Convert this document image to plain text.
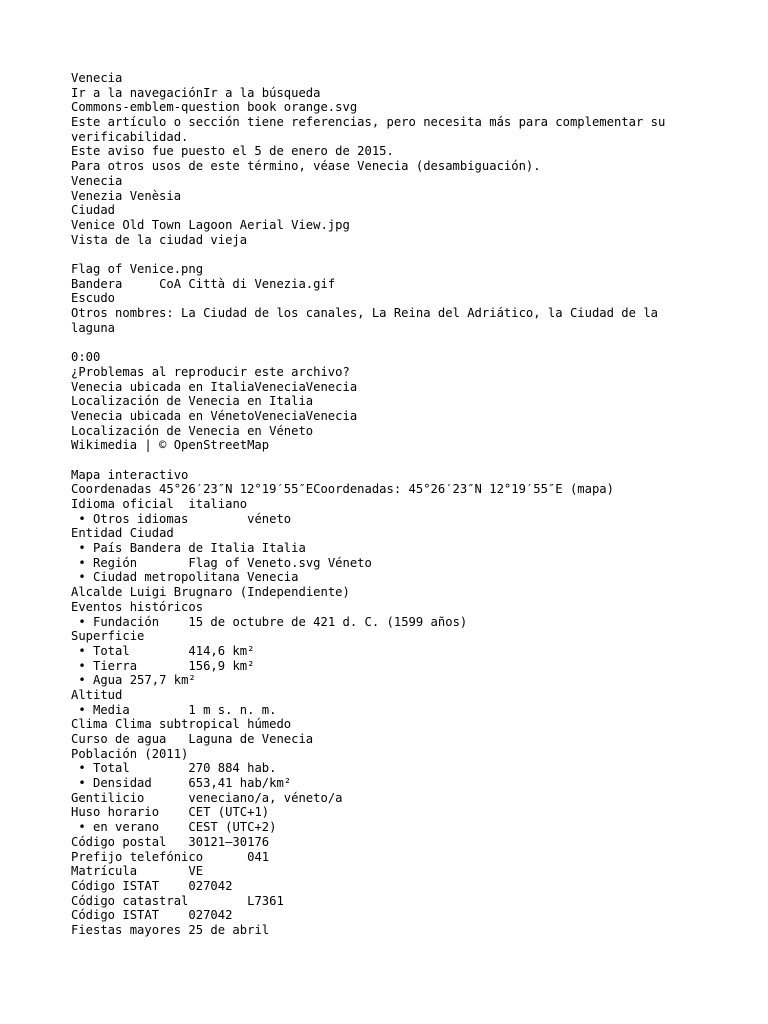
Venecia
Ir a la navegaciónIr a la búsqueda
Commons-emblem-question book orange.svg
Este artículo o sección tiene referencias, pero necesita más para complementar su verificabilidad.
Este aviso fue puesto el 5 de enero de 2015.
Para otros usos de este término, véase Venecia (desambiguación).
Venecia
Venezia Venèsia
Ciudad
Venice Old Town Lagoon Aerial View.jpg
Vista de la ciudad vieja
Flag of Venice.png
Bandera	CoA Città di Venezia.gif
Escudo
Otros nombres: La Ciudad de los canales, La Reina del Adriático, la Ciudad de la laguna
0:00
¿Problemas al reproducir este archivo?
Venecia ubicada en ItaliaVeneciaVenecia
Localización de Venecia en Italia
Venecia ubicada en VénetoVeneciaVenecia
Localización de Venecia en Véneto
Wikimedia | © OpenStreetMap
Mapa interactivo
Coordenadas 45°26′23″N 12°19′55″ECoordenadas: 45°26′23″N 12°19′55″E (mapa)
Idioma oficial italiano
• Otros idiomas	véneto
Entidad Ciudad
• País Bandera de Italia Italia
• Región	Flag of Veneto.svg Véneto
• Ciudad metropolitana Venecia
Alcalde Luigi Brugnaro (Independiente)
Eventos históricos
• Fundación 15 de octubre de 421 d. C. (1599 años)
Superficie
• Total	414,6 km²
• Tierra	156,9 km²
• Agua 257,7 km²
Altitud
• Media	1 m s. n. m.
Clima Clima subtropical húmedo
Curso de agua Laguna de Venecia
Población (2011)
• Total	270 884 hab.
• Densidad	653,41 hab/km²
Gentilicio	veneciano/a, véneto/a
Huso horario CET (UTC+1)
• en verano CEST (UTC+2)
Código postal 30121–30176
Prefijo telefónico	041
Matrícula	VE
Código ISTAT 027042
Código catastral	L7361
Código ISTAT 027042
Fiestas mayores 25 de abril
